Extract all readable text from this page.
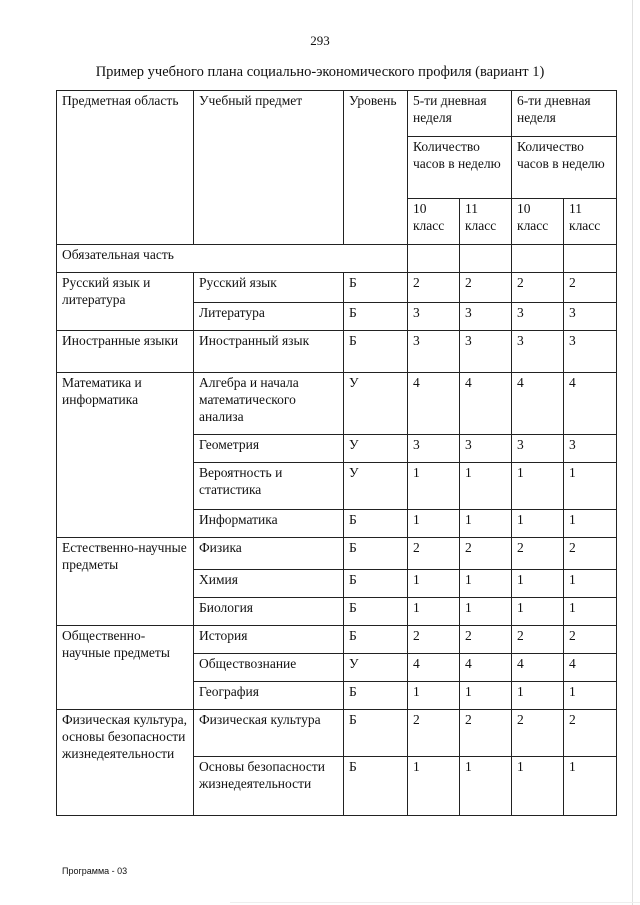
293
Пример учебного плана социально-экономического профиля (вариант 1)
Предметная область	Учебный предмет	Уровень	5-ти дневная неделя		6-ти дневная неделя	
			Количество часов в неделю		Количество часов в неделю	
			10 класс	11 класс	10 класс	11 класс
Обязательная часть						
Русский язык и литература	Русский язык	Б	2	2	2	2
	Литература	Б	3	3	3	3
Иностранные языки	Иностранный язык	Б	3	3	3	3
Математика и информатика	Алгебра и начала математического анализа	У	4	4	4	4
	Геометрия	У	3	3	3	3
	Вероятность и статистика	У	1	1	1	1
	Информатика	Б	1	1	1	1
Естественно-научные предметы	Физика	Б	2	2	2	2
	Химия	Б	1	1	1	1
	Биология	Б	1	1	1	1
Общественно-научные предметы	История	Б	2	2	2	2
	Обществознание	У	4	4	4	4
	География	Б	1	1	1	1
Физическая культура, основы безопасности жизнедеятельности	Физическая культура	Б	2	2	2	2
	Основы безопасности жизнедеятельности	Б	1	1	1	1
Программа - 03
